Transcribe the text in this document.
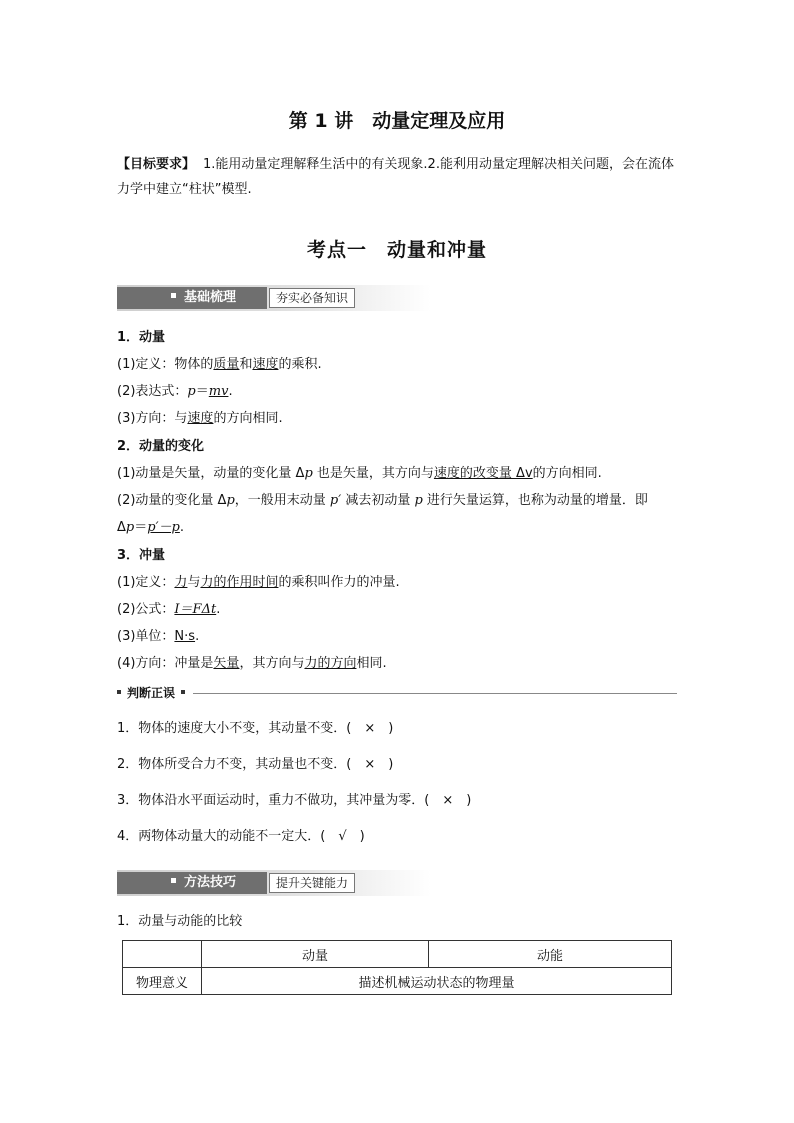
第 1 讲　动量定理及应用
【目标要求】 1.能用动量定理解释生活中的有关现象.2.能利用动量定理解决相关问题，会在流体力学中建立“柱状”模型.
考点一　动量和冲量
基础梳理	夯实必备知识
1．动量
(1)定义：物体的质量和速度的乘积.
(2)表达式：p＝mv.
(3)方向：与速度的方向相同.
2．动量的变化
(1)动量是矢量，动量的变化量 Δp 也是矢量，其方向与速度的改变量 Δv的方向相同.
(2)动量的变化量 Δp，一般用末动量 p′ 减去初动量 p 进行矢量运算，也称为动量的增量．即
Δp＝p′－p.
3．冲量
(1)定义：力与力的作用时间的乘积叫作力的冲量.
(2)公式：I＝FΔt.
(3)单位：N·s.
(4)方向：冲量是矢量，其方向与力的方向相同.
判断正误
1．物体的速度大小不变，其动量不变．(　×　)
2．物体所受合力不变，其动量也不变．(　×　)
3．物体沿水平面运动时，重力不做功，其冲量为零．(　×　)
4．两物体动量大的动能不一定大．(　√　)
方法技巧	提升关键能力
1．动量与动能的比较
	动量	动能
物理意义	描述机械运动状态的物理量	
